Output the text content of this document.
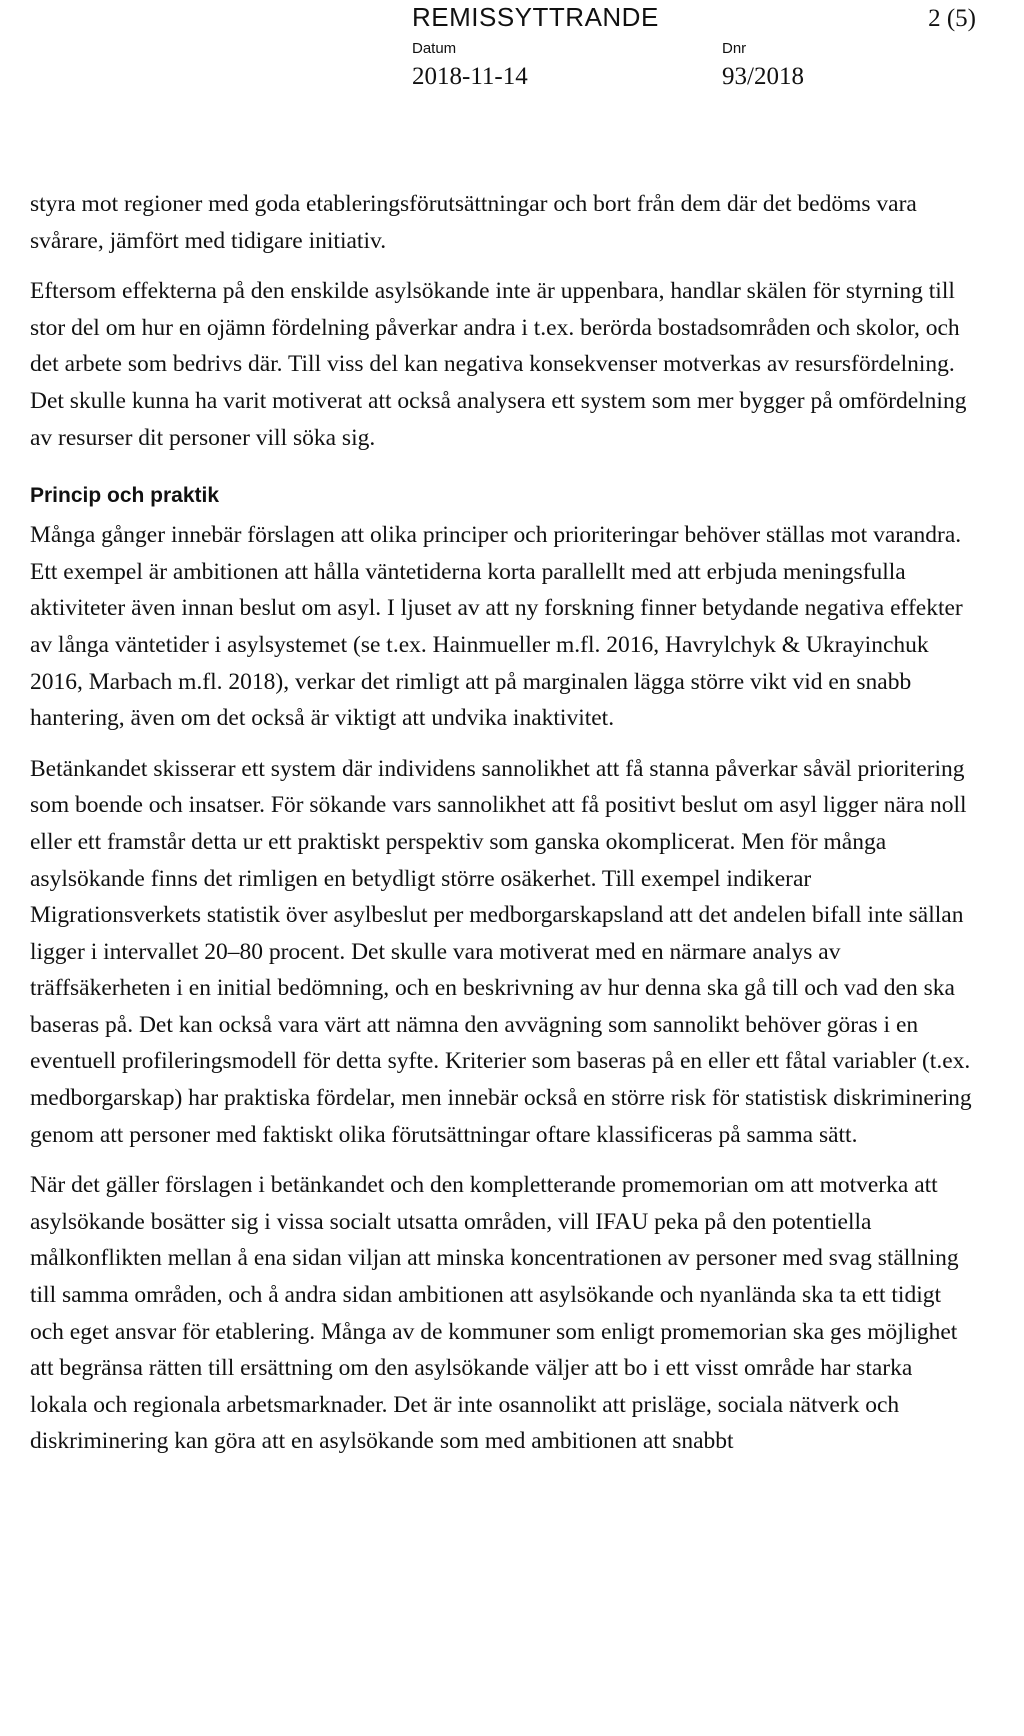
REMISSYTTRANDE	2 (5)
Datum
2018-11-14
Dnr
93/2018

styra mot regioner med goda etableringsförutsättningar och bort från dem där det bedöms vara svårare, jämfört med tidigare initiativ.

Eftersom effekterna på den enskilde asylsökande inte är uppenbara, handlar skälen för styrning till stor del om hur en ojämn fördelning påverkar andra i t.ex. berörda bostadsområden och skolor, och det arbete som bedrivs där. Till viss del kan negativa konsekvenser motverkas av resursfördelning. Det skulle kunna ha varit motiverat att också analysera ett system som mer bygger på omfördelning av resurser dit personer vill söka sig.

Princip och praktik

Många gånger innebär förslagen att olika principer och prioriteringar behöver ställas mot varandra. Ett exempel är ambitionen att hålla väntetiderna korta parallellt med att erbjuda meningsfulla aktiviteter även innan beslut om asyl. I ljuset av att ny forskning finner betydande negativa effekter av långa väntetider i asylsystemet (se t.ex. Hainmueller m.fl. 2016, Havrylchyk & Ukrayinchuk 2016, Marbach m.fl. 2018), verkar det rimligt att på marginalen lägga större vikt vid en snabb hantering, även om det också är viktigt att undvika inaktivitet.

Betänkandet skisserar ett system där individens sannolikhet att få stanna påverkar såväl prioritering som boende och insatser. För sökande vars sannolikhet att få positivt beslut om asyl ligger nära noll eller ett framstår detta ur ett praktiskt perspektiv som ganska okomplicerat. Men för många asylsökande finns det rimligen en betydligt större osäkerhet. Till exempel indikerar Migrationsverkets statistik över asylbeslut per medborgarskapsland att det andelen bifall inte sällan ligger i intervallet 20–80 procent. Det skulle vara motiverat med en närmare analys av träffsäkerheten i en initial bedömning, och en beskrivning av hur denna ska gå till och vad den ska baseras på. Det kan också vara värt att nämna den avvägning som sannolikt behöver göras i en eventuell profileringsmodell för detta syfte. Kriterier som baseras på en eller ett fåtal variabler (t.ex. medborgarskap) har praktiska fördelar, men innebär också en större risk för statistisk diskriminering genom att personer med faktiskt olika förutsättningar oftare klassificeras på samma sätt.

När det gäller förslagen i betänkandet och den kompletterande promemorian om att motverka att asylsökande bosätter sig i vissa socialt utsatta områden, vill IFAU peka på den potentiella målkonflikten mellan å ena sidan viljan att minska koncentrationen av personer med svag ställning till samma områden, och å andra sidan ambitionen att asylsökande och nyanlända ska ta ett tidigt och eget ansvar för etablering. Många av de kommuner som enligt promemorian ska ges möjlighet att begränsa rätten till ersättning om den asylsökande väljer att bo i ett visst område har starka lokala och regionala arbetsmarknader. Det är inte osannolikt att prisläge, sociala nätverk och diskriminering kan göra att en asylsökande som med ambitionen att snabbt
